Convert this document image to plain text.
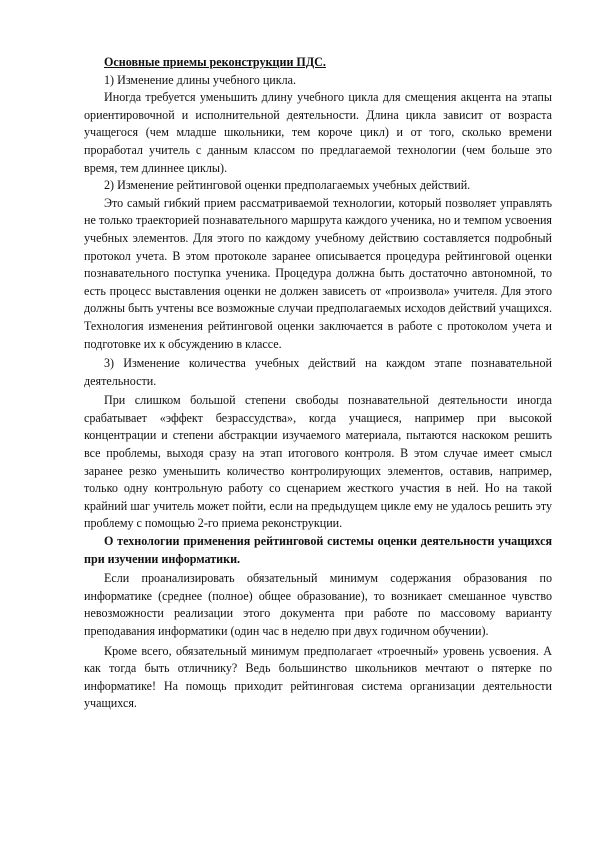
Основные приемы реконструкции ПДС.

1) Изменение длины учебного цикла.

Иногда требуется уменьшить длину учебного цикла для смещения акцента на этапы ориентировочной и исполнительной деятельности. Длина цикла зависит от возраста учащегося (чем младше школьники, тем короче цикл) и от того, сколько времени проработал учитель с данным классом по предлагаемой технологии (чем больше это время, тем длиннее циклы).

2) Изменение рейтинговой оценки предполагаемых учебных действий.

Это самый гибкий прием рассматриваемой технологии, который позволяет управлять не только траекторией познавательного маршрута каждого ученика, но и темпом усвоения учебных элементов. Для этого по каждому учебному действию составляется подробный протокол учета. В этом протоколе заранее описывается процедура рейтинговой оценки познавательного поступка ученика. Процедура должна быть достаточно автономной, то есть процесс выставления оценки не должен зависеть от «произвола» учителя. Для этого должны быть учтены все возможные случаи предполагаемых исходов действий учащихся. Технология изменения рейтинговой оценки заключается в работе с протоколом учета и подготовке их к обсуждению в классе.

3) Изменение количества учебных действий на каждом этапе познавательной деятельности.

При слишком большой степени свободы познавательной деятельности иногда срабатывает «эффект безрассудства», когда учащиеся, например при высокой концентрации и степени абстракции изучаемого материала, пытаются наскоком решить все проблемы, выходя сразу на этап итогового контроля. В этом случае имеет смысл заранее резко уменьшить количество контролирующих элементов, оставив, например, только одну контрольную работу со сценарием жесткого участия в ней. Но на такой крайний шаг учитель может пойти, если на предыдущем цикле ему не удалось решить эту проблему с помощью 2-го приема реконструкции.

О технологии применения рейтинговой системы оценки деятельности учащихся при изучении информатики.

Если проанализировать обязательный минимум содержания образования по информатике (среднее (полное) общее образование), то возникает смешанное чувство невозможности реализации этого документа при работе по массовому варианту преподавания информатики (один час в неделю при двух годичном обучении).

Кроме всего, обязательный минимум предполагает «троечный» уровень усвоения. А как тогда быть отличнику? Ведь большинство школьников мечтают о пятерке по информатике! На помощь приходит рейтинговая система организации деятельности учащихся.
